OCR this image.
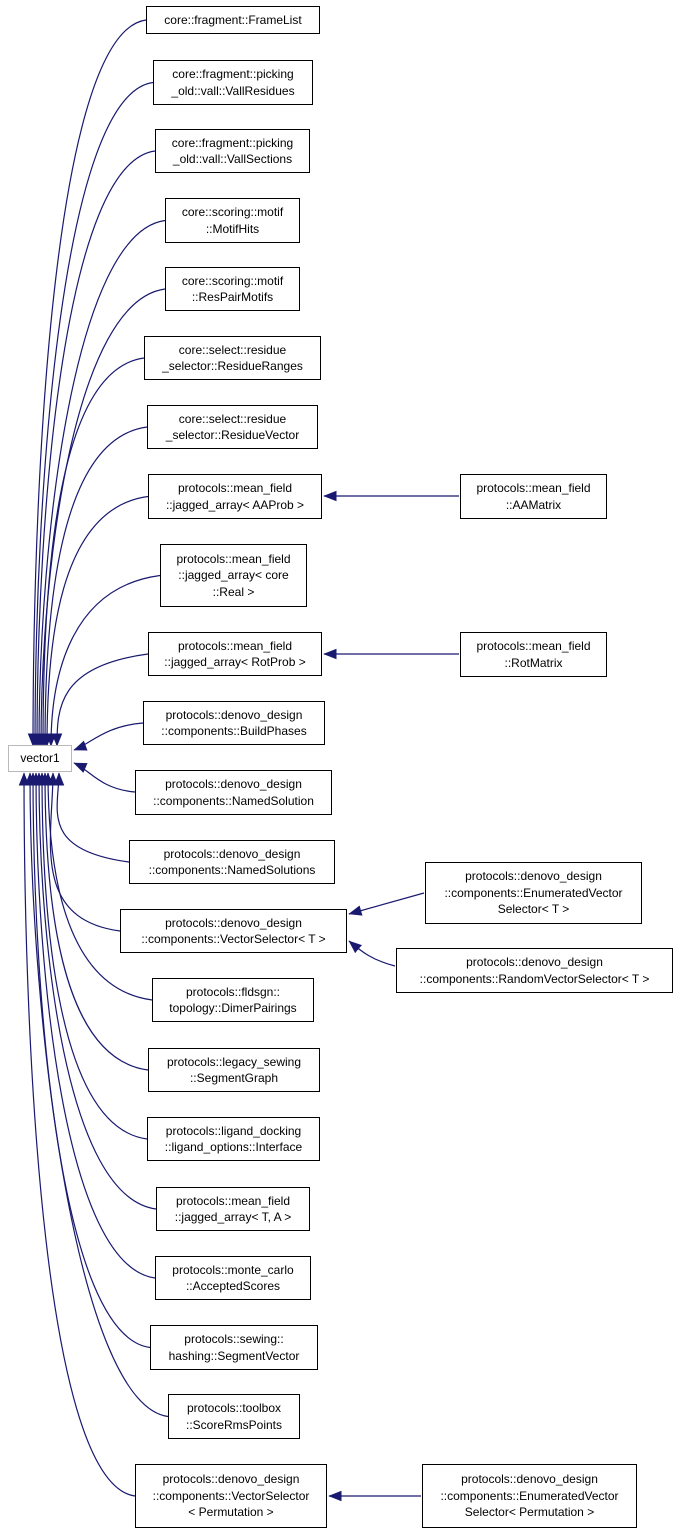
vector1
core::fragment::FrameList
core::fragment::picking
_old::vall::VallResidues
core::fragment::picking
_old::vall::VallSections
core::scoring::motif
::MotifHits
core::scoring::motif
::ResPairMotifs
core::select::residue
_selector::ResidueRanges
core::select::residue
_selector::ResidueVector
protocols::mean_field
::jagged_array< AAProb >
protocols::mean_field
::jagged_array< core
::Real >
protocols::mean_field
::jagged_array< RotProb >
protocols::denovo_design
::components::BuildPhases
protocols::denovo_design
::components::NamedSolution
protocols::denovo_design
::components::NamedSolutions
protocols::denovo_design
::components::VectorSelector< T >
protocols::fldsgn::
topology::DimerPairings
protocols::legacy_sewing
::SegmentGraph
protocols::ligand_docking
::ligand_options::Interface
protocols::mean_field
::jagged_array< T, A >
protocols::monte_carlo
::AcceptedScores
protocols::sewing::
hashing::SegmentVector
protocols::toolbox
::ScoreRmsPoints
protocols::denovo_design
::components::VectorSelector
< Permutation >
protocols::mean_field
::AAMatrix
protocols::mean_field
::RotMatrix
protocols::denovo_design
::components::EnumeratedVector
Selector< T >
protocols::denovo_design
::components::RandomVectorSelector< T >
protocols::denovo_design
::components::EnumeratedVector
Selector< Permutation >
